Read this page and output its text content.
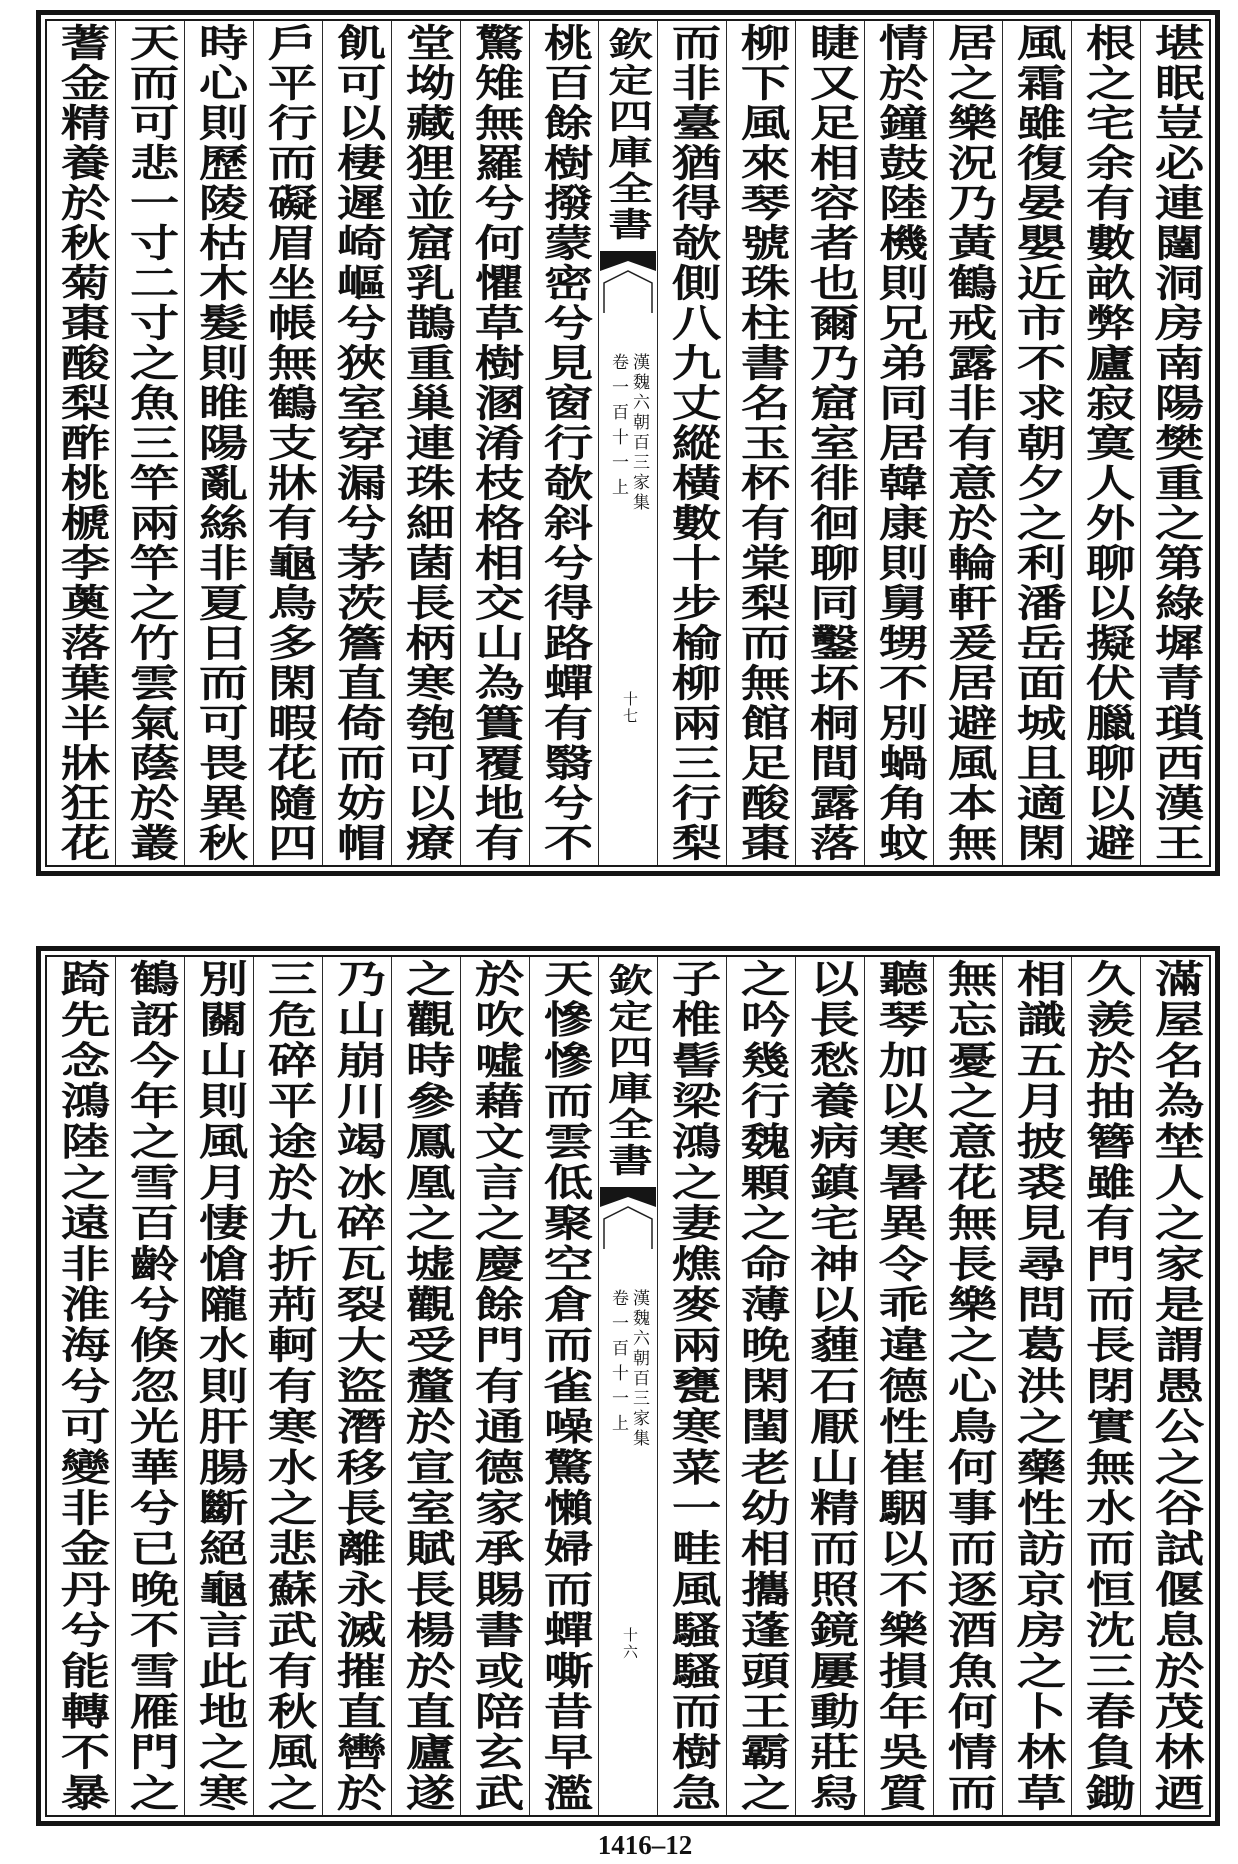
堪眠豈必連闥洞房南陽樊重之第綠墀青瑣西漢王
根之宅余有數畝弊廬寂寞人外聊以擬伏臘聊以避
風霜雖復晏嬰近市不求朝夕之利潘岳面城且適閑
居之樂況乃黃鶴戒露非有意於輪軒爰居避風本無
情於鐘鼓陸機則兄弟同居韓康則舅甥不別蝸角蚊
睫又足相容者也爾乃窟室徘徊聊同鑿坏桐間露落
柳下風來琴號珠柱書名玉杯有棠梨而無館足酸棗
而非臺猶得欹側八九丈縱橫數十步榆柳兩三行梨
欽定四庫全書
漢魏六朝百三家集
卷一百十一上
十七
桃百餘樹撥蒙密兮見窗行欹斜兮得路蟬有翳兮不
驚雉無羅兮何懼草樹溷淆枝格相交山為簣覆地有
堂坳藏狸並窟乳鵲重巢連珠細菌長柄寒匏可以療
飢可以棲遲崎嶇兮狹室穿漏兮茅茨簷直倚而妨帽
戶平行而礙眉坐帳無鶴支牀有龜鳥多閑暇花隨四
時心則歷陵枯木髮則睢陽亂絲非夏日而可畏異秋
天而可悲一寸二寸之魚三竿兩竿之竹雲氣蔭於叢
蓍金精養於秋菊棗酸梨酢桃榹李薁落葉半牀狂花
滿屋名為埜人之家是謂愚公之谷試偃息於茂林迺
久羨於抽簪雖有門而長閉實無水而恒沈三春負鋤
相識五月披裘見尋問葛洪之藥性訪京房之卜林草
無忘憂之意花無長樂之心鳥何事而逐酒魚何情而
聽琴加以寒暑異令乖違德性崔駰以不樂損年吳質
以長愁養病鎮宅神以薶石厭山精而照鏡屢動莊舄
之吟幾行魏顆之命薄晚閑閨老幼相攜蓬頭王霸之
子椎髻梁鴻之妻燋麥兩甕寒菜一畦風騷騷而樹急
欽定四庫全書
漢魏六朝百三家集
卷一百十一上
十六
天慘慘而雲低聚空倉而雀噪驚懶婦而蟬嘶昔早濫
於吹噓藉文言之慶餘門有通德家承賜書或陪玄武
之觀時參鳳凰之墟觀受釐於宣室賦長楊於直廬遂
乃山崩川竭冰碎瓦裂大盜潛移長離永滅摧直轡於
三危碎平途於九折荊軻有寒水之悲蘇武有秋風之
別關山則風月悽愴隴水則肝腸斷絕龜言此地之寒
鶴訝今年之雪百齡兮倏忽光華兮已晚不雪雁門之
踦先念鴻陸之遠非淮海兮可變非金丹兮能轉不暴
1416–12
